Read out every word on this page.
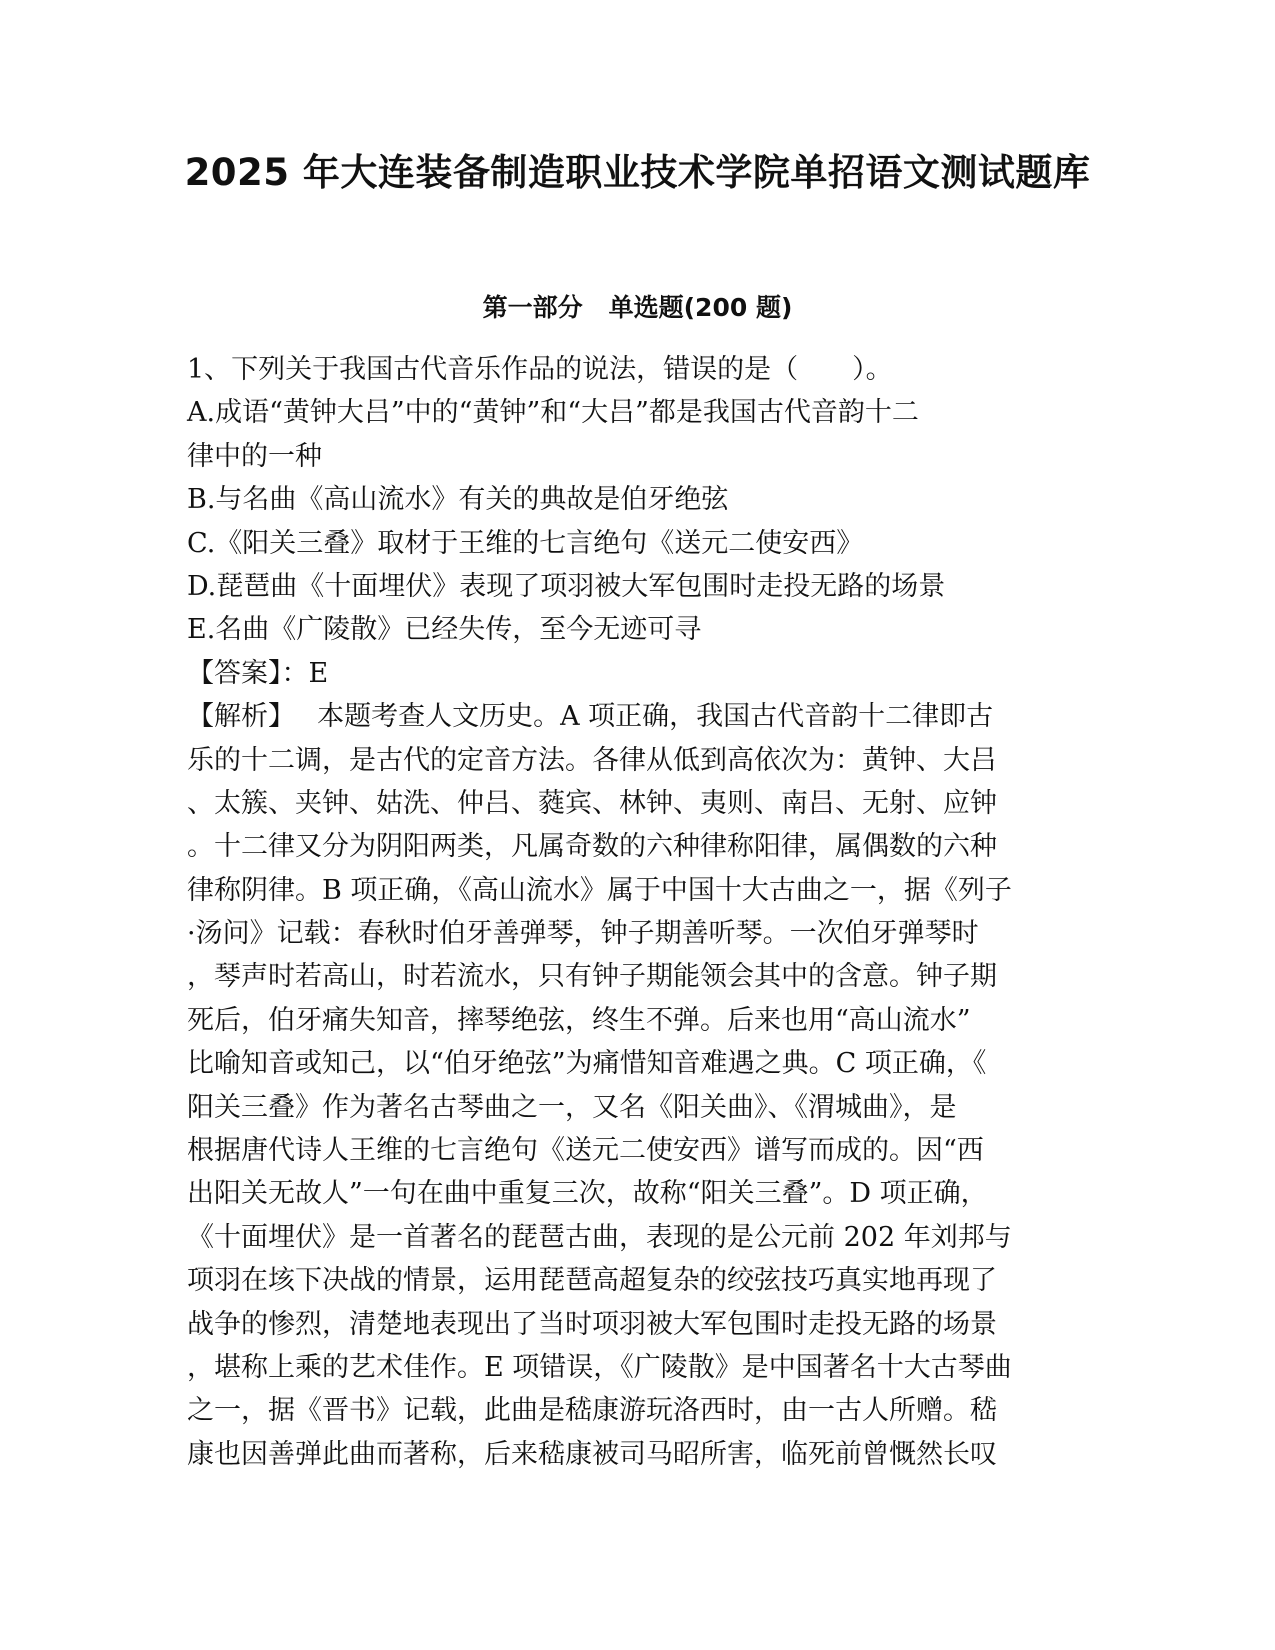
2025 年大连装备制造职业技术学院单招语文测试题库
第一部分 单选题(200 题)

1、下列关于我国古代音乐作品的说法，错误的是（　　）。

A.成语“黄钟大吕”中的“黄钟”和“大吕”都是我国古代音韵十二

律中的一种

B.与名曲《高山流水》有关的典故是伯牙绝弦

C.《阳关三叠》取材于王维的七言绝句《送元二使安西》

D.琵琶曲《十面埋伏》表现了项羽被大军包围时走投无路的场景

E.名曲《广陵散》已经失传，至今无迹可寻

【答案】：E

【解析】　 本题考查人文历史。A 项正确，我国古代音韵十二律即古

乐的十二调，是古代的定音方法。各律从低到高依次为：黄钟、大吕

、太簇、夹钟、姑洗、仲吕、蕤宾、林钟、夷则、南吕、无射、应钟

。十二律又分为阴阳两类，凡属奇数的六种律称阳律，属偶数的六种

律称阴律。B 项正确，《高山流水》属于中国十大古曲之一，据《列子

·汤问》记载：春秋时伯牙善弹琴，钟子期善听琴。一次伯牙弹琴时

，琴声时若高山，时若流水，只有钟子期能领会其中的含意。钟子期

死后，伯牙痛失知音，摔琴绝弦，终生不弹。后来也用“高山流水”

比喻知音或知己，以“伯牙绝弦”为痛惜知音难遇之典。C 项正确，《

阳关三叠》作为著名古琴曲之一，又名《阳关曲》、《渭城曲》，是

根据唐代诗人王维的七言绝句《送元二使安西》谱写而成的。因“西

出阳关无故人”一句在曲中重复三次，故称“阳关三叠”。D 项正确，

《十面埋伏》是一首著名的琵琶古曲，表现的是公元前 202 年刘邦与

项羽在垓下决战的情景，运用琵琶高超复杂的绞弦技巧真实地再现了

战争的惨烈，清楚地表现出了当时项羽被大军包围时走投无路的场景

，堪称上乘的艺术佳作。E 项错误，《广陵散》是中国著名十大古琴曲

之一，据《晋书》记载，此曲是嵇康游玩洛西时，由一古人所赠。嵇

康也因善弹此曲而著称，后来嵇康被司马昭所害，临死前曾慨然长叹
